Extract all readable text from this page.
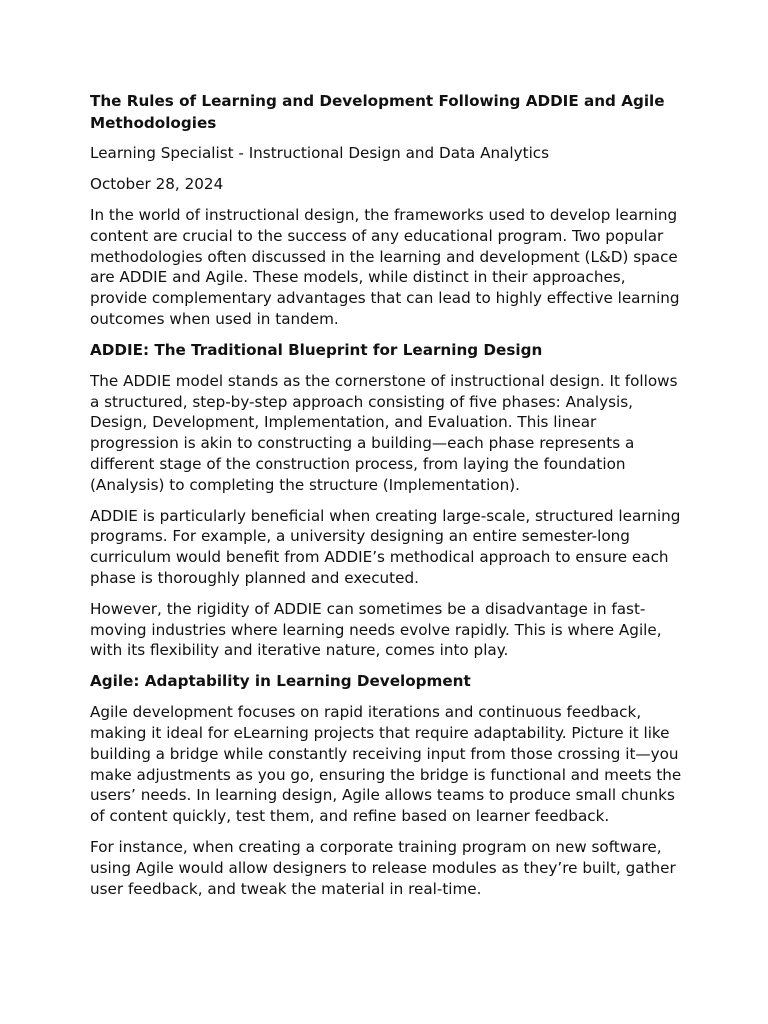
The Rules of Learning and Development Following ADDIE and Agile Methodologies
Learning Specialist - Instructional Design and Data Analytics
October 28, 2024
In the world of instructional design, the frameworks used to develop learning content are crucial to the success of any educational program. Two popular methodologies often discussed in the learning and development (L&D) space are ADDIE and Agile. These models, while distinct in their approaches, provide complementary advantages that can lead to highly effective learning outcomes when used in tandem.
ADDIE: The Traditional Blueprint for Learning Design
The ADDIE model stands as the cornerstone of instructional design. It follows a structured, step-by-step approach consisting of five phases: Analysis, Design, Development, Implementation, and Evaluation. This linear progression is akin to constructing a building—each phase represents a different stage of the construction process, from laying the foundation (Analysis) to completing the structure (Implementation).
ADDIE is particularly beneficial when creating large-scale, structured learning programs. For example, a university designing an entire semester-long curriculum would benefit from ADDIE’s methodical approach to ensure each phase is thoroughly planned and executed.
However, the rigidity of ADDIE can sometimes be a disadvantage in fast-moving industries where learning needs evolve rapidly. This is where Agile, with its flexibility and iterative nature, comes into play.
Agile: Adaptability in Learning Development
Agile development focuses on rapid iterations and continuous feedback, making it ideal for eLearning projects that require adaptability. Picture it like building a bridge while constantly receiving input from those crossing it—you make adjustments as you go, ensuring the bridge is functional and meets the users’ needs. In learning design, Agile allows teams to produce small chunks of content quickly, test them, and refine based on learner feedback.
For instance, when creating a corporate training program on new software, using Agile would allow designers to release modules as they’re built, gather user feedback, and tweak the material in real-time.
